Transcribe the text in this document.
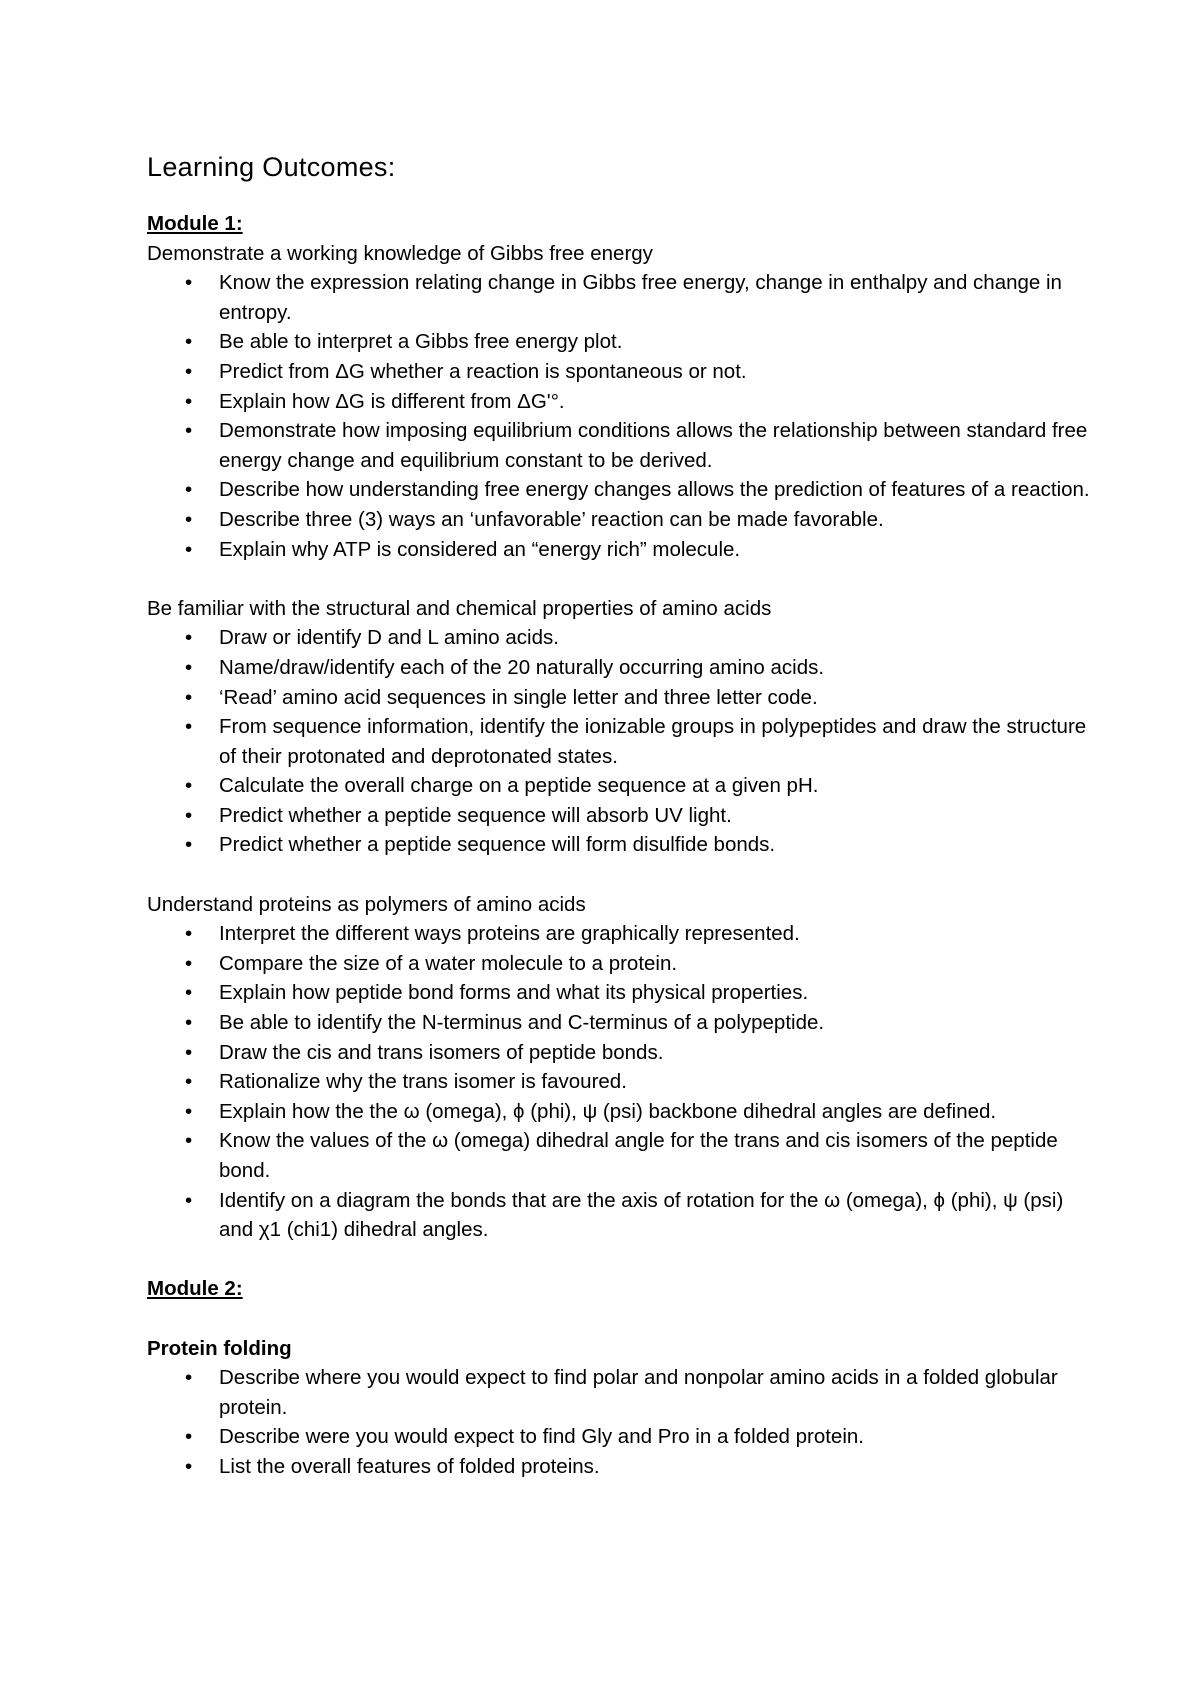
Learning Outcomes:

Module 1:

Demonstrate a working knowledge of Gibbs free energy

• Know the expression relating change in Gibbs free energy, change in enthalpy and change in entropy.
• Be able to interpret a Gibbs free energy plot.
• Predict from ΔG whether a reaction is spontaneous or not.
• Explain how ΔG is different from ΔG'°.
• Demonstrate how imposing equilibrium conditions allows the relationship between standard free energy change and equilibrium constant to be derived.
• Describe how understanding free energy changes allows the prediction of features of a reaction.
• Describe three (3) ways an ‘unfavorable’ reaction can be made favorable.
• Explain why ATP is considered an “energy rich” molecule.

Be familiar with the structural and chemical properties of amino acids

• Draw or identify D and L amino acids.
• Name/draw/identify each of the 20 naturally occurring amino acids.
• ‘Read’ amino acid sequences in single letter and three letter code.
• From sequence information, identify the ionizable groups in polypeptides and draw the structure of their protonated and deprotonated states.
• Calculate the overall charge on a peptide sequence at a given pH.
• Predict whether a peptide sequence will absorb UV light.
• Predict whether a peptide sequence will form disulfide bonds.

Understand proteins as polymers of amino acids

• Interpret the different ways proteins are graphically represented.
• Compare the size of a water molecule to a protein.
• Explain how peptide bond forms and what its physical properties.
• Be able to identify the N-terminus and C-terminus of a polypeptide.
• Draw the cis and trans isomers of peptide bonds.
• Rationalize why the trans isomer is favoured.
• Explain how the the ω (omega), ϕ (phi), ψ (psi) backbone dihedral angles are defined.
• Know the values of the ω (omega) dihedral angle for the trans and cis isomers of the peptide bond.
• Identify on a diagram the bonds that are the axis of rotation for the ω (omega), ϕ (phi), ψ (psi) and χ1 (chi1) dihedral angles.

Module 2:

Protein folding

• Describe where you would expect to find polar and nonpolar amino acids in a folded globular protein.
• Describe were you would expect to find Gly and Pro in a folded protein.
• List the overall features of folded proteins.
